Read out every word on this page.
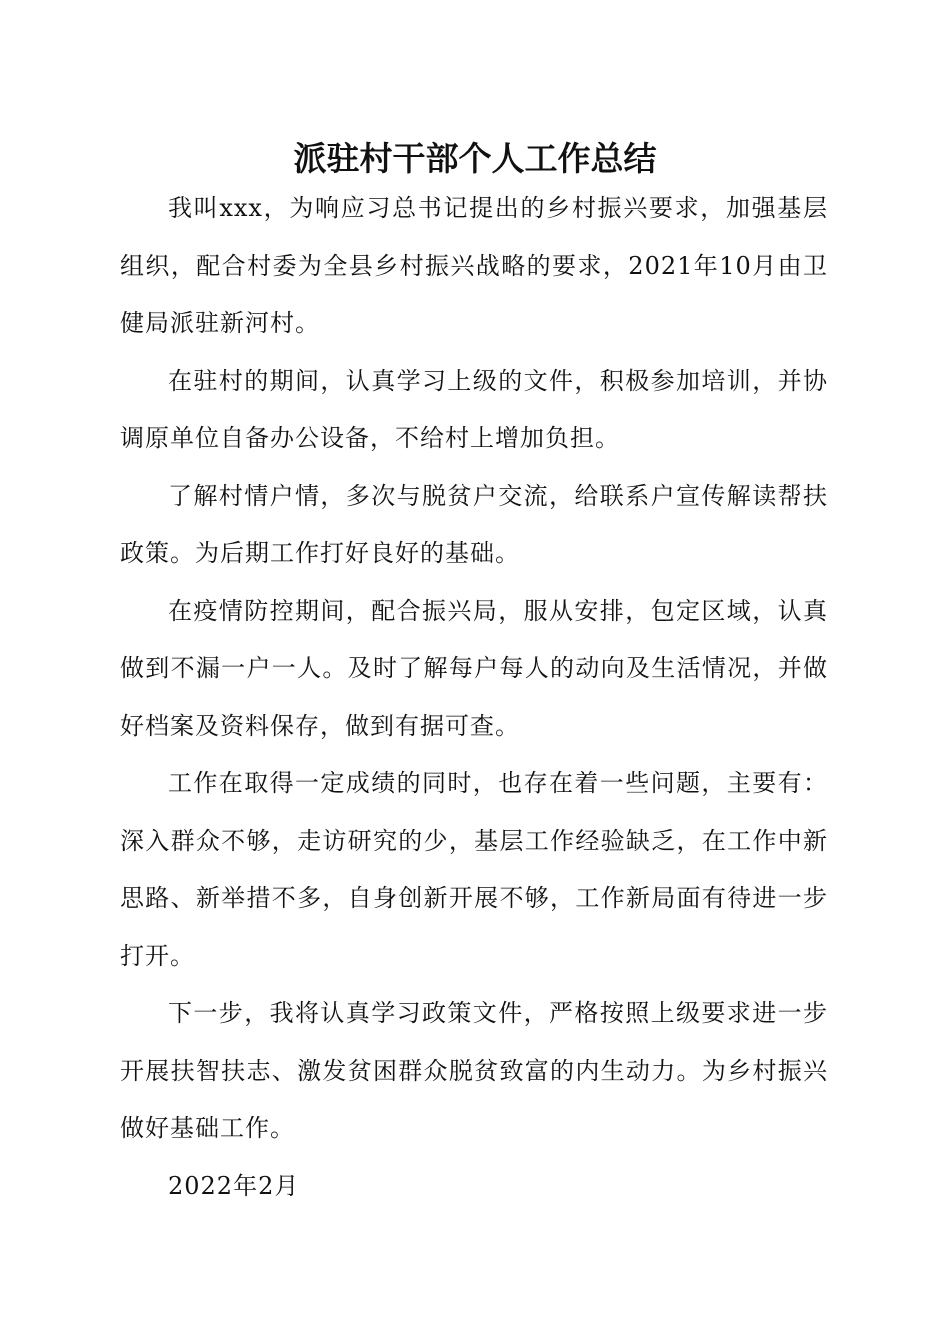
派驻村干部个人工作总结

我叫xxx，为响应习总书记提出的乡村振兴要求，加强基层组织，配合村委为全县乡村振兴战略的要求，2021年10月由卫健局派驻新河村。

在驻村的期间，认真学习上级的文件，积极参加培训，并协调原单位自备办公设备，不给村上增加负担。

了解村情户情，多次与脱贫户交流，给联系户宣传解读帮扶政策。为后期工作打好良好的基础。

在疫情防控期间，配合振兴局，服从安排，包定区域，认真做到不漏一户一人。及时了解每户每人的动向及生活情况，并做好档案及资料保存，做到有据可查。

工作在取得一定成绩的同时，也存在着一些问题，主要有：深入群众不够，走访研究的少，基层工作经验缺乏，在工作中新思路、新举措不多，自身创新开展不够，工作新局面有待进一步打开。

下一步，我将认真学习政策文件，严格按照上级要求进一步开展扶智扶志、激发贫困群众脱贫致富的内生动力。为乡村振兴做好基础工作。

2022年2月
